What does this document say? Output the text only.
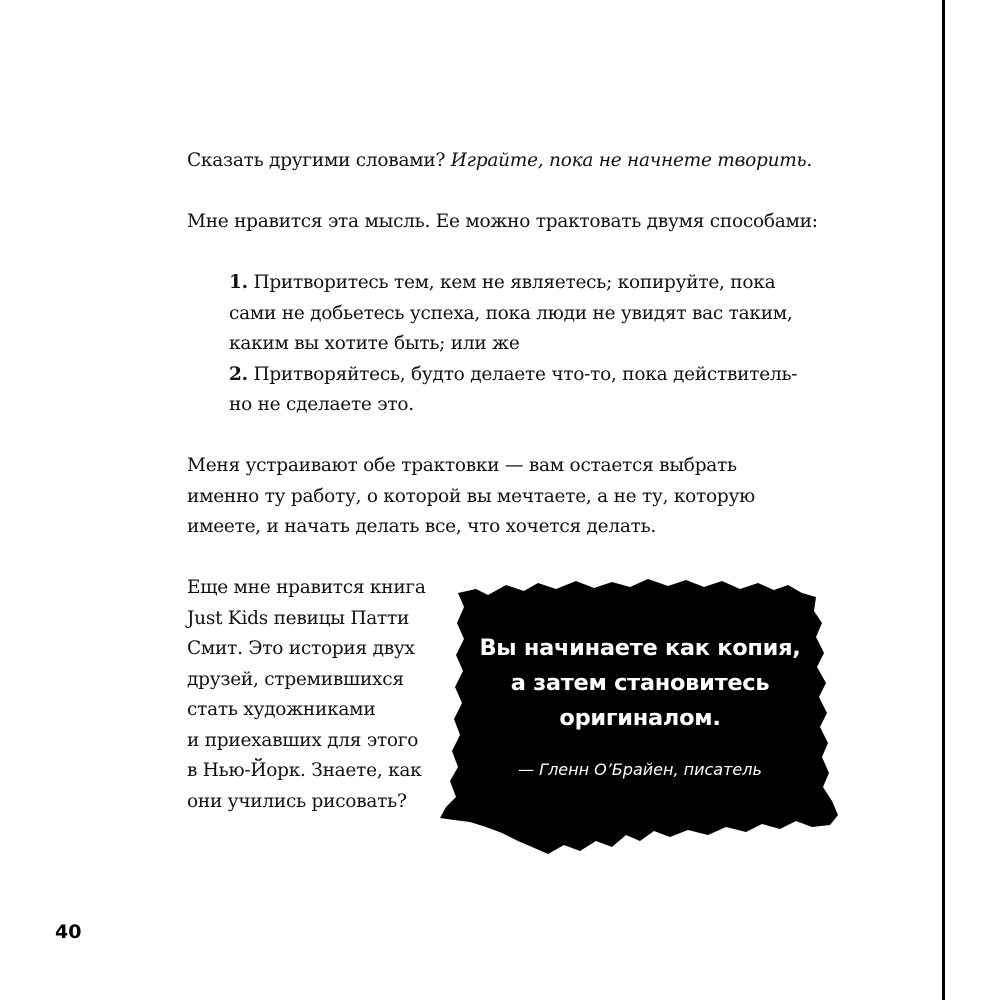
Сказать другими словами? Играйте, пока не начнете творить.

Мне нравится эта мысль. Ее можно трактовать двумя способами:

1. Притворитесь тем, кем не являетесь; копируйте, пока
сами не добьетесь успеха, пока люди не увидят вас таким,
каким вы хотите быть; или же
2. Притворяйтесь, будто делаете что-то, пока действитель-
но не сделаете это.

Меня устраивают обе трактовки — вам остается выбрать
именно ту работу, о которой вы мечтаете, а не ту, которую
имеете, и начать делать все, что хочется делать.

Еще мне нравится книга
Just Kids певицы Патти
Смит. Это история двух
друзей, стремившихся
стать художниками
и приехавших для этого
в Нью-Йорк. Знаете, как
они учились рисовать?

Вы начинаете как копия,
а затем становитесь
оригиналом.
— Гленн О’Брайен, писатель
40
